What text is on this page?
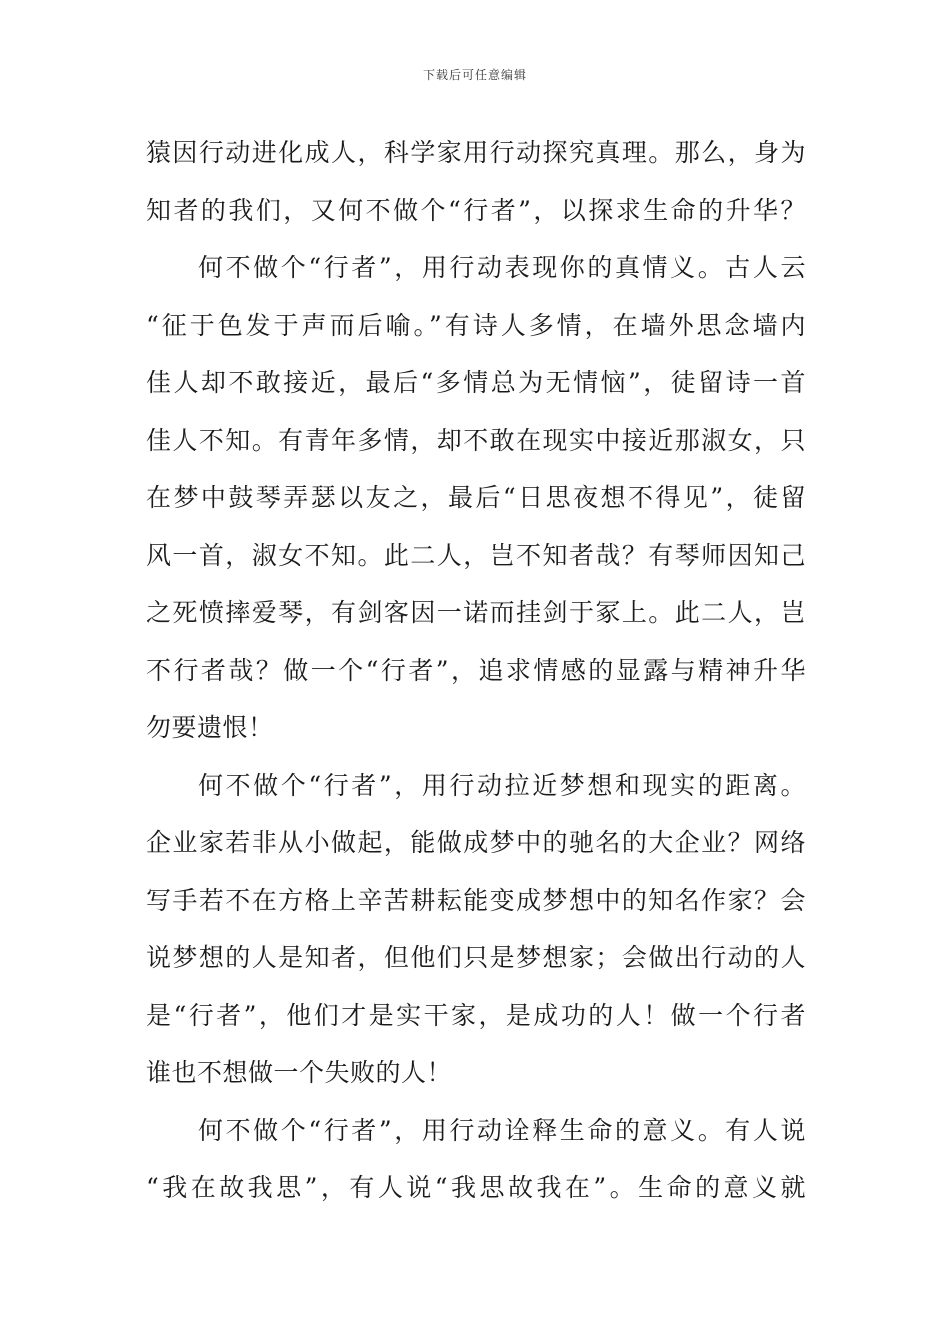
下载后可任意编辑
猿因行动进化成人，科学家用行动探究真理。那么，身为
知者的我们，又何不做个“行者”，以探求生命的升华？
何不做个“行者”，用行动表现你的真情义。古人云
“征于色发于声而后喻。”有诗人多情，在墙外思念墙内
佳人却不敢接近，最后“多情总为无情恼”，徒留诗一首
佳人不知。有青年多情，却不敢在现实中接近那淑女，只
在梦中鼓琴弄瑟以友之，最后“日思夜想不得见”，徒留
风一首，淑女不知。此二人，岂不知者哉？有琴师因知己
之死愤摔爱琴，有剑客因一诺而挂剑于冢上。此二人，岂
不行者哉？做一个“行者”，追求情感的显露与精神升华
勿要遗恨！
何不做个“行者”，用行动拉近梦想和现实的距离。
企业家若非从小做起，能做成梦中的驰名的大企业？网络
写手若不在方格上辛苦耕耘能变成梦想中的知名作家？会
说梦想的人是知者，但他们只是梦想家；会做出行动的人
是“行者”，他们才是实干家，是成功的人！做一个行者
谁也不想做一个失败的人！
何不做个“行者”，用行动诠释生命的意义。有人说
“我在故我思”，有人说“我思故我在”。生命的意义就
